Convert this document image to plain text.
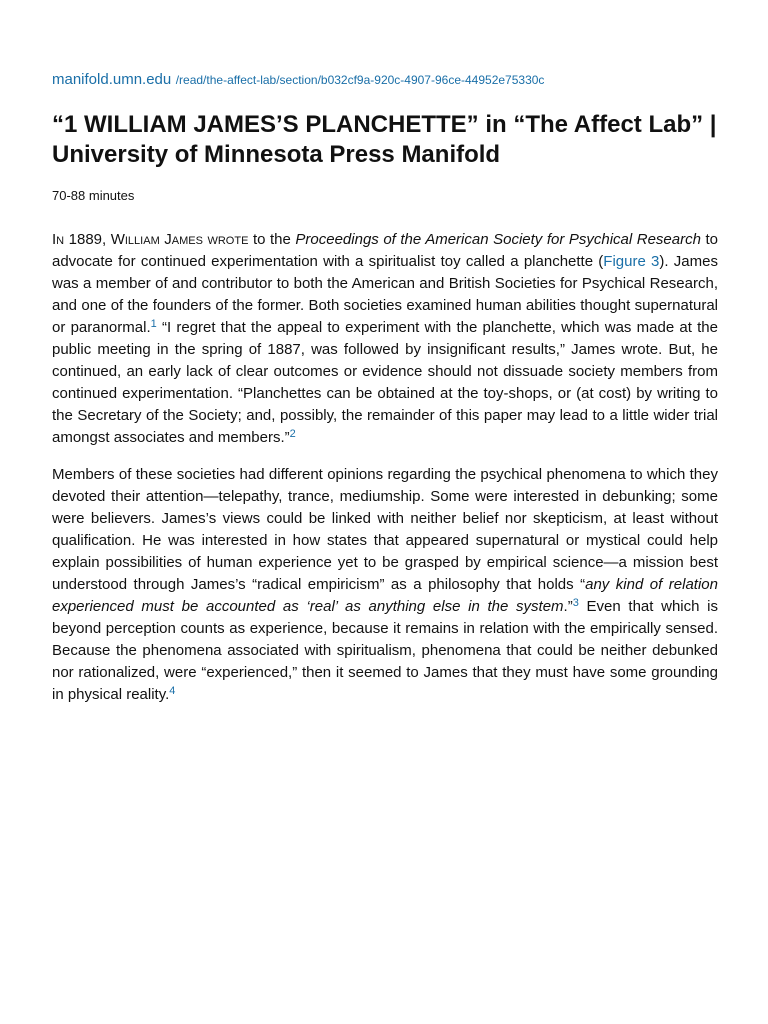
manifold.umn.edu /read/the-affect-lab/section/b032cf9a-920c-4907-96ce-44952e75330c
“1 WILLIAM JAMES’S PLANCHETTE” in “The Affect Lab” | University of Minnesota Press Manifold
70-88 minutes

In 1889, William James wrote to the Proceedings of the American Society for Psychical Research to advocate for continued experimentation with a spiritualist toy called a planchette (Figure 3). James was a member of and contributor to both the American and British Societies for Psychical Research, and one of the founders of the former. Both societies examined human abilities thought supernatural or paranormal.$^1$ “I regret that the appeal to experiment with the planchette, which was made at the public meeting in the spring of 1887, was followed by insignificant results,” James wrote. But, he continued, an early lack of clear outcomes or evidence should not dissuade society members from continued experimentation. “Planchettes can be obtained at the toy-shops, or (at cost) by writing to the Secretary of the Society; and, possibly, the remainder of this paper may lead to a little wider trial amongst associates and members.”$^2$

Members of these societies had different opinions regarding the psychical phenomena to which they devoted their attention—telepathy, trance, mediumship. Some were interested in debunking; some were believers. James’s views could be linked with neither belief nor skepticism, at least without qualification. He was interested in how states that appeared supernatural or mystical could help explain possibilities of human experience yet to be grasped by empirical science—a mission best understood through James’s “radical empiricism” as a philosophy that holds “any kind of relation experienced must be accounted as ‘real’ as anything else in the system.”$^3$ Even that which is beyond perception counts as experience, because it remains in relation with the empirically sensed. Because the phenomena associated with spiritualism, phenomena that could be neither debunked nor rationalized, were “experienced,” then it seemed to James that they must have some grounding in physical reality.$^4$
